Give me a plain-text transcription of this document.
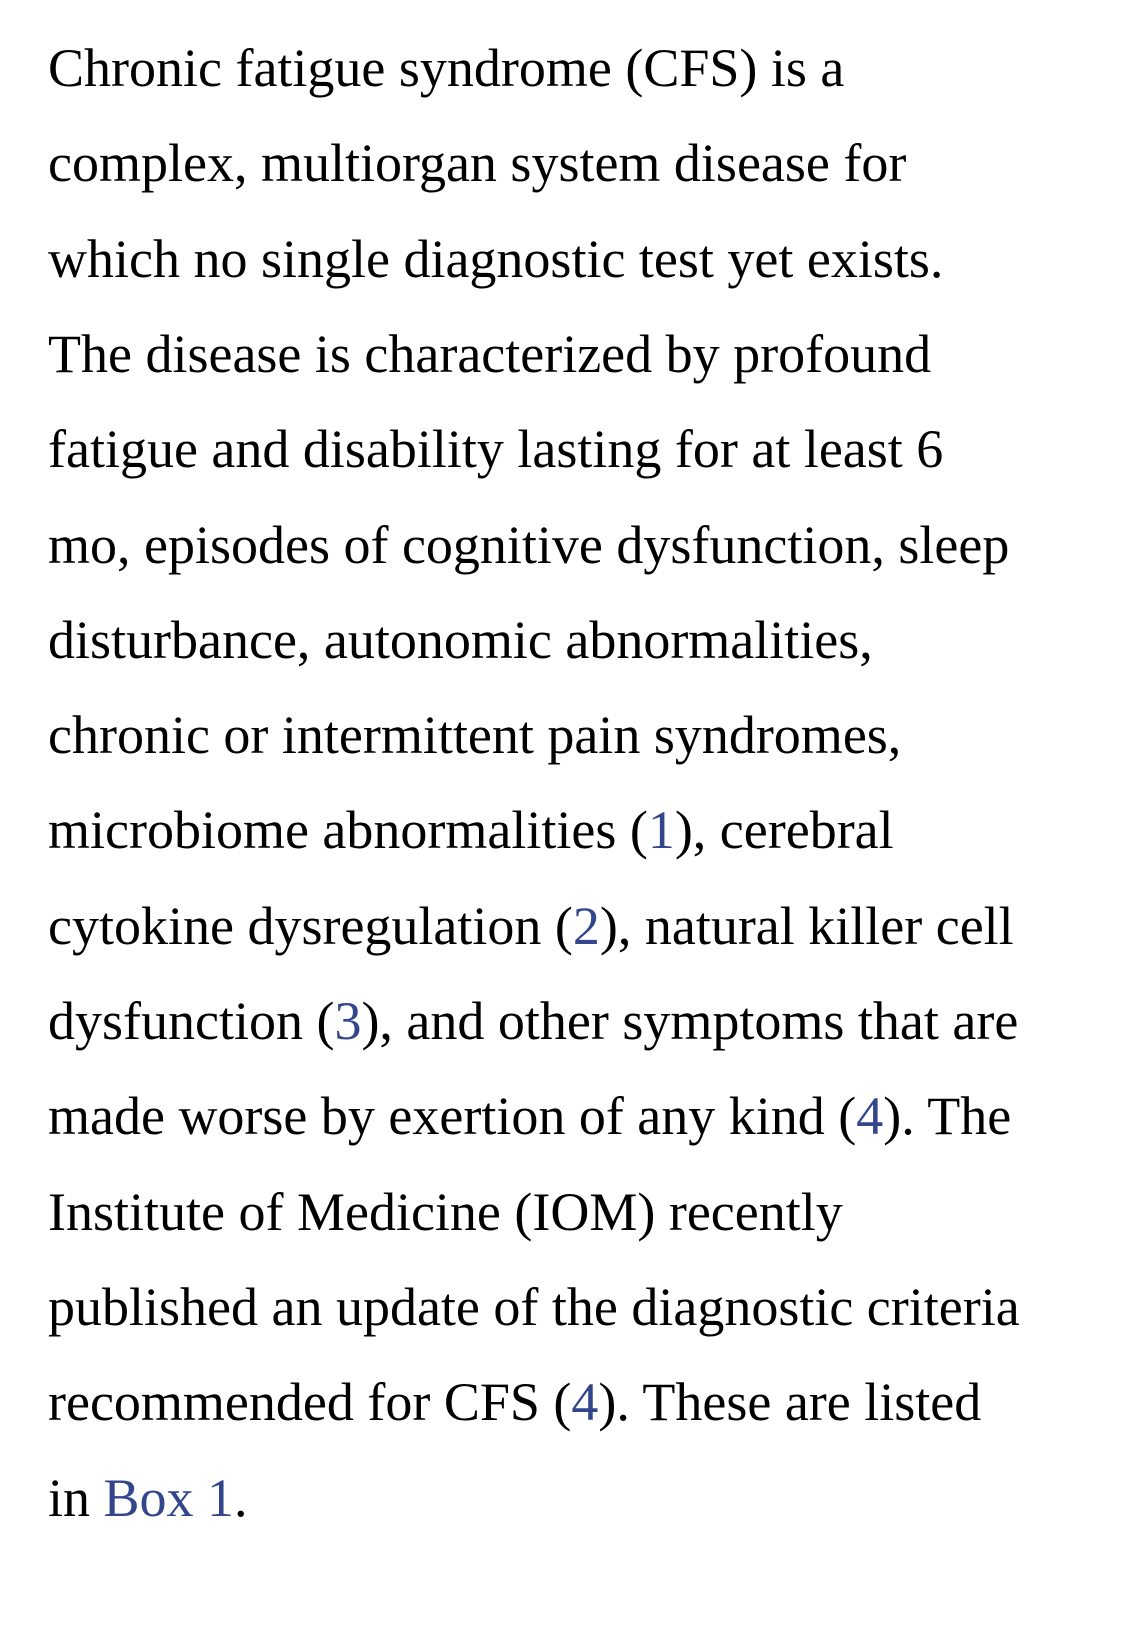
Chronic fatigue syndrome (CFS) is a
complex, multiorgan system disease for
which no single diagnostic test yet exists.
The disease is characterized by profound
fatigue and disability lasting for at least 6
mo, episodes of cognitive dysfunction, sleep
disturbance, autonomic abnormalities,
chronic or intermittent pain syndromes,
microbiome abnormalities (1), cerebral
cytokine dysregulation (2), natural killer cell
dysfunction (3), and other symptoms that are
made worse by exertion of any kind (4). The
Institute of Medicine (IOM) recently
published an update of the diagnostic criteria
recommended for CFS (4). These are listed
in Box 1.
